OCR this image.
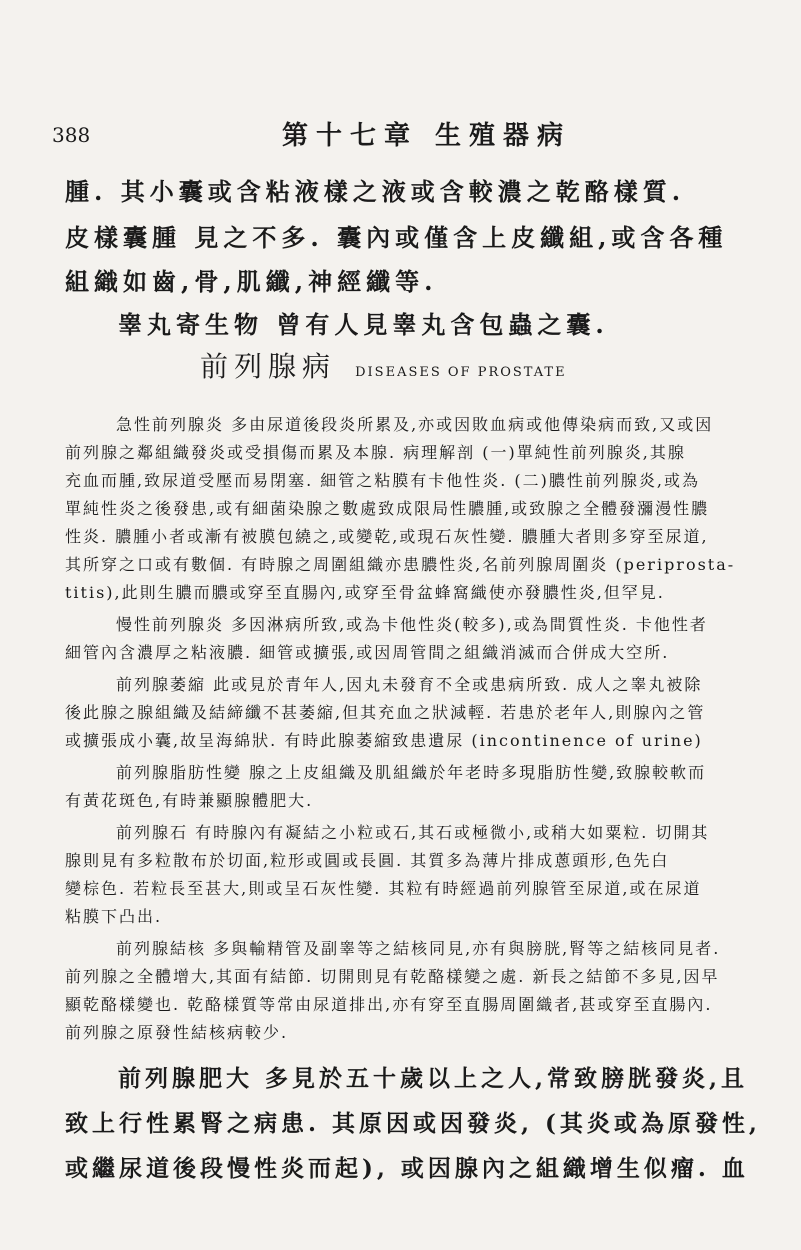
388	第十七章 生殖器病
腫. 其小囊或含粘液樣之液或含較濃之乾酪樣質.
皮樣囊腫 見之不多. 囊內或僅含上皮纖組,或含各種
組織如齒,骨,肌纖,神經纖等.
睾丸寄生物 曾有人見睾丸含包蟲之囊.
前列腺病 DISEASES OF PROSTATE
急性前列腺炎 多由尿道後段炎所累及,亦或因敗血病或他傳染病而致,又或因
前列腺之鄰組織發炎或受損傷而累及本腺. 病理解剖 (一)單純性前列腺炎,其腺
充血而腫,致尿道受壓而易閉塞. 細管之粘膜有卡他性炎. (二)膿性前列腺炎,或為
單純性炎之後發患,或有細菌染腺之數處致成限局性膿腫,或致腺之全體發瀰漫性膿
性炎. 膿腫小者或漸有被膜包繞之,或變乾,或現石灰性變. 膿腫大者則多穿至尿道,
其所穿之口或有數個. 有時腺之周圍組織亦患膿性炎,名前列腺周圍炎 (periprosta-
titis),此則生膿而膿或穿至直腸內,或穿至骨盆蜂窩織使亦發膿性炎,但罕見.
慢性前列腺炎 多因淋病所致,或為卡他性炎(較多),或為間質性炎. 卡他性者
細管內含濃厚之粘液膿. 細管或擴張,或因周管間之組織消滅而合併成大空所.
前列腺萎縮 此或見於青年人,因丸未發育不全或患病所致. 成人之睾丸被除
後此腺之腺組織及結締纖不甚萎縮,但其充血之狀減輕. 若患於老年人,則腺內之管
或擴張成小囊,故呈海綿狀. 有時此腺萎縮致患遺尿 (incontinence of urine)
前列腺脂肪性變 腺之上皮組織及肌組織於年老時多現脂肪性變,致腺較軟而
有黃花斑色,有時兼顯腺體肥大.
前列腺石 有時腺內有凝結之小粒或石,其石或極微小,或稍大如粟粒. 切開其
腺則見有多粒散布於切面,粒形或圓或長圓. 其質多為薄片排成蔥頭形,色先白
變棕色. 若粒長至甚大,則或呈石灰性變. 其粒有時經過前列腺管至尿道,或在尿道
粘膜下凸出.
前列腺結核 多與輸精管及副睾等之結核同見,亦有與膀胱,腎等之結核同見者.
前列腺之全體增大,其面有結節. 切開則見有乾酪樣變之處. 新長之結節不多見,因早
顯乾酪樣變也. 乾酪樣質等常由尿道排出,亦有穿至直腸周圍織者,甚或穿至直腸內.
前列腺之原發性結核病較少.
前列腺肥大 多見於五十歲以上之人,常致膀胱發炎,且
致上行性累腎之病患. 其原因或因發炎, (其炎或為原發性,
或繼尿道後段慢性炎而起), 或因腺內之組織增生似瘤. 血
